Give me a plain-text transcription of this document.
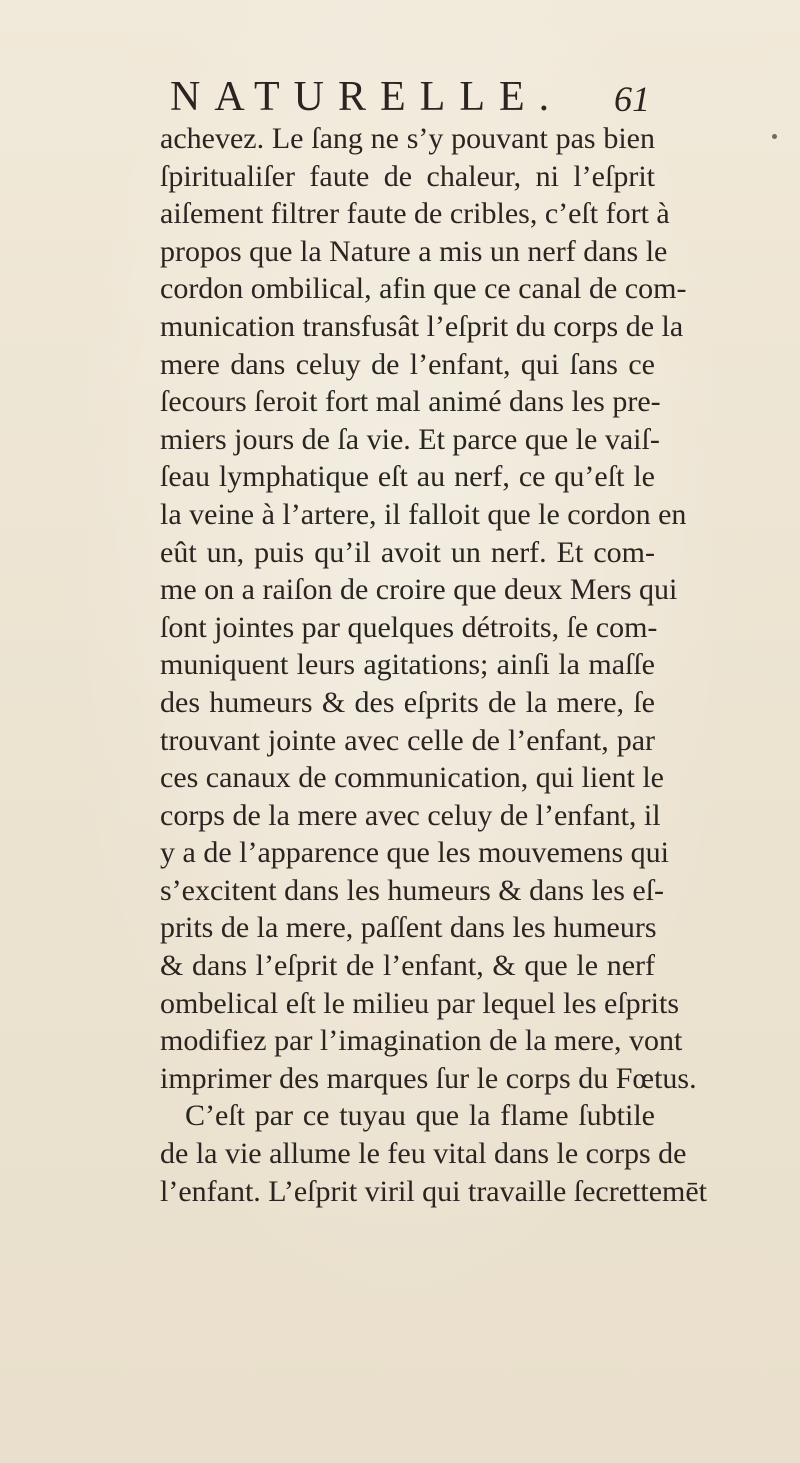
NATURELLE. 61
achevez. Le ſang ne s’y pouvant pas bien
ſpiritualiſer faute de chaleur, ni l’eſprit
aiſement filtrer faute de cribles, c’eſt fort à
propos que la Nature a mis un nerf dans le
cordon ombilical, afin que ce canal de com-
munication transfusât l’eſprit du corps de la
mere dans celuy de l’enfant, qui ſans ce
ſecours ſeroit fort mal animé dans les pre-
miers jours de ſa vie. Et parce que le vaiſ-
ſeau lymphatique eſt au nerf, ce qu’eſt le
la veine à l’artere, il falloit que le cordon en
eût un, puis qu’il avoit un nerf. Et com-
me on a raiſon de croire que deux Mers qui
ſont jointes par quelques détroits, ſe com-
muniquent leurs agitations; ainſi la maſſe
des humeurs & des eſprits de la mere, ſe
trouvant jointe avec celle de l’enfant, par
ces canaux de communication, qui lient le
corps de la mere avec celuy de l’enfant, il
y a de l’apparence que les mouvemens qui
s’excitent dans les humeurs & dans les eſ-
prits de la mere, paſſent dans les humeurs
& dans l’eſprit de l’enfant, & que le nerf
ombelical eſt le milieu par lequel les eſprits
modifiez par l’imagination de la mere, vont
imprimer des marques ſur le corps du Fœtus.
C’eſt par ce tuyau que la flame ſubtile
de la vie allume le feu vital dans le corps de
l’enfant. L’eſprit viril qui travaille ſecrettemēt
